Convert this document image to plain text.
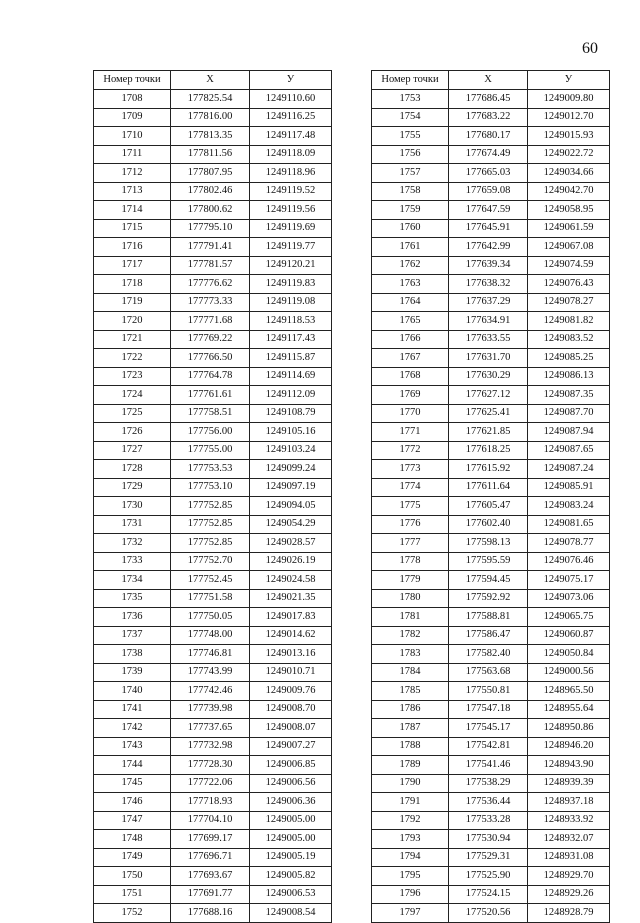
60
Номер точки	X	У
1708	177825.54	1249110.60
1709	177816.00	1249116.25
1710	177813.35	1249117.48
1711	177811.56	1249118.09
1712	177807.95	1249118.96
1713	177802.46	1249119.52
1714	177800.62	1249119.56
1715	177795.10	1249119.69
1716	177791.41	1249119.77
1717	177781.57	1249120.21
1718	177776.62	1249119.83
1719	177773.33	1249119.08
1720	177771.68	1249118.53
1721	177769.22	1249117.43
1722	177766.50	1249115.87
1723	177764.78	1249114.69
1724	177761.61	1249112.09
1725	177758.51	1249108.79
1726	177756.00	1249105.16
1727	177755.00	1249103.24
1728	177753.53	1249099.24
1729	177753.10	1249097.19
1730	177752.85	1249094.05
1731	177752.85	1249054.29
1732	177752.85	1249028.57
1733	177752.70	1249026.19
1734	177752.45	1249024.58
1735	177751.58	1249021.35
1736	177750.05	1249017.83
1737	177748.00	1249014.62
1738	177746.81	1249013.16
1739	177743.99	1249010.71
1740	177742.46	1249009.76
1741	177739.98	1249008.70
1742	177737.65	1249008.07
1743	177732.98	1249007.27
1744	177728.30	1249006.85
1745	177722.06	1249006.56
1746	177718.93	1249006.36
1747	177704.10	1249005.00
1748	177699.17	1249005.00
1749	177696.71	1249005.19
1750	177693.67	1249005.82
1751	177691.77	1249006.53
1752	177688.16	1249008.54
Номер точки	X	У
1753	177686.45	1249009.80
1754	177683.22	1249012.70
1755	177680.17	1249015.93
1756	177674.49	1249022.72
1757	177665.03	1249034.66
1758	177659.08	1249042.70
1759	177647.59	1249058.95
1760	177645.91	1249061.59
1761	177642.99	1249067.08
1762	177639.34	1249074.59
1763	177638.32	1249076.43
1764	177637.29	1249078.27
1765	177634.91	1249081.82
1766	177633.55	1249083.52
1767	177631.70	1249085.25
1768	177630.29	1249086.13
1769	177627.12	1249087.35
1770	177625.41	1249087.70
1771	177621.85	1249087.94
1772	177618.25	1249087.65
1773	177615.92	1249087.24
1774	177611.64	1249085.91
1775	177605.47	1249083.24
1776	177602.40	1249081.65
1777	177598.13	1249078.77
1778	177595.59	1249076.46
1779	177594.45	1249075.17
1780	177592.92	1249073.06
1781	177588.81	1249065.75
1782	177586.47	1249060.87
1783	177582.40	1249050.84
1784	177563.68	1249000.56
1785	177550.81	1248965.50
1786	177547.18	1248955.64
1787	177545.17	1248950.86
1788	177542.81	1248946.20
1789	177541.46	1248943.90
1790	177538.29	1248939.39
1791	177536.44	1248937.18
1792	177533.28	1248933.92
1793	177530.94	1248932.07
1794	177529.31	1248931.08
1795	177525.90	1248929.70
1796	177524.15	1248929.26
1797	177520.56	1248928.79
